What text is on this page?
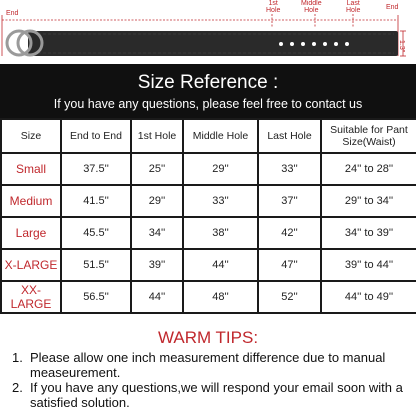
End
1st
Hole
Middle
Hole
Last
Hole	End
1.3"
Size Reference :
If you have any questions, please feel free to contact us
Size	End to End	1st Hole	Middle Hole	Last Hole	Suitable for Pant Size(Waist)
Small	37.5''	25''	29''	33''	24'' to 28''
Medium	41.5''	29''	33''	37''	29'' to 34''
Large	45.5''	34''	38''	42''	34'' to 39''
X-LARGE	51.5''	39''	44''	47''	39'' to 44''
XX-LARGE	56.5''	44''	48''	52''	44'' to 49''
WARM TIPS:
1. Please allow one inch measurement difference due to manual measeurement.
2. If you have any questions,we will respond your email soon with a satisfied solution.
